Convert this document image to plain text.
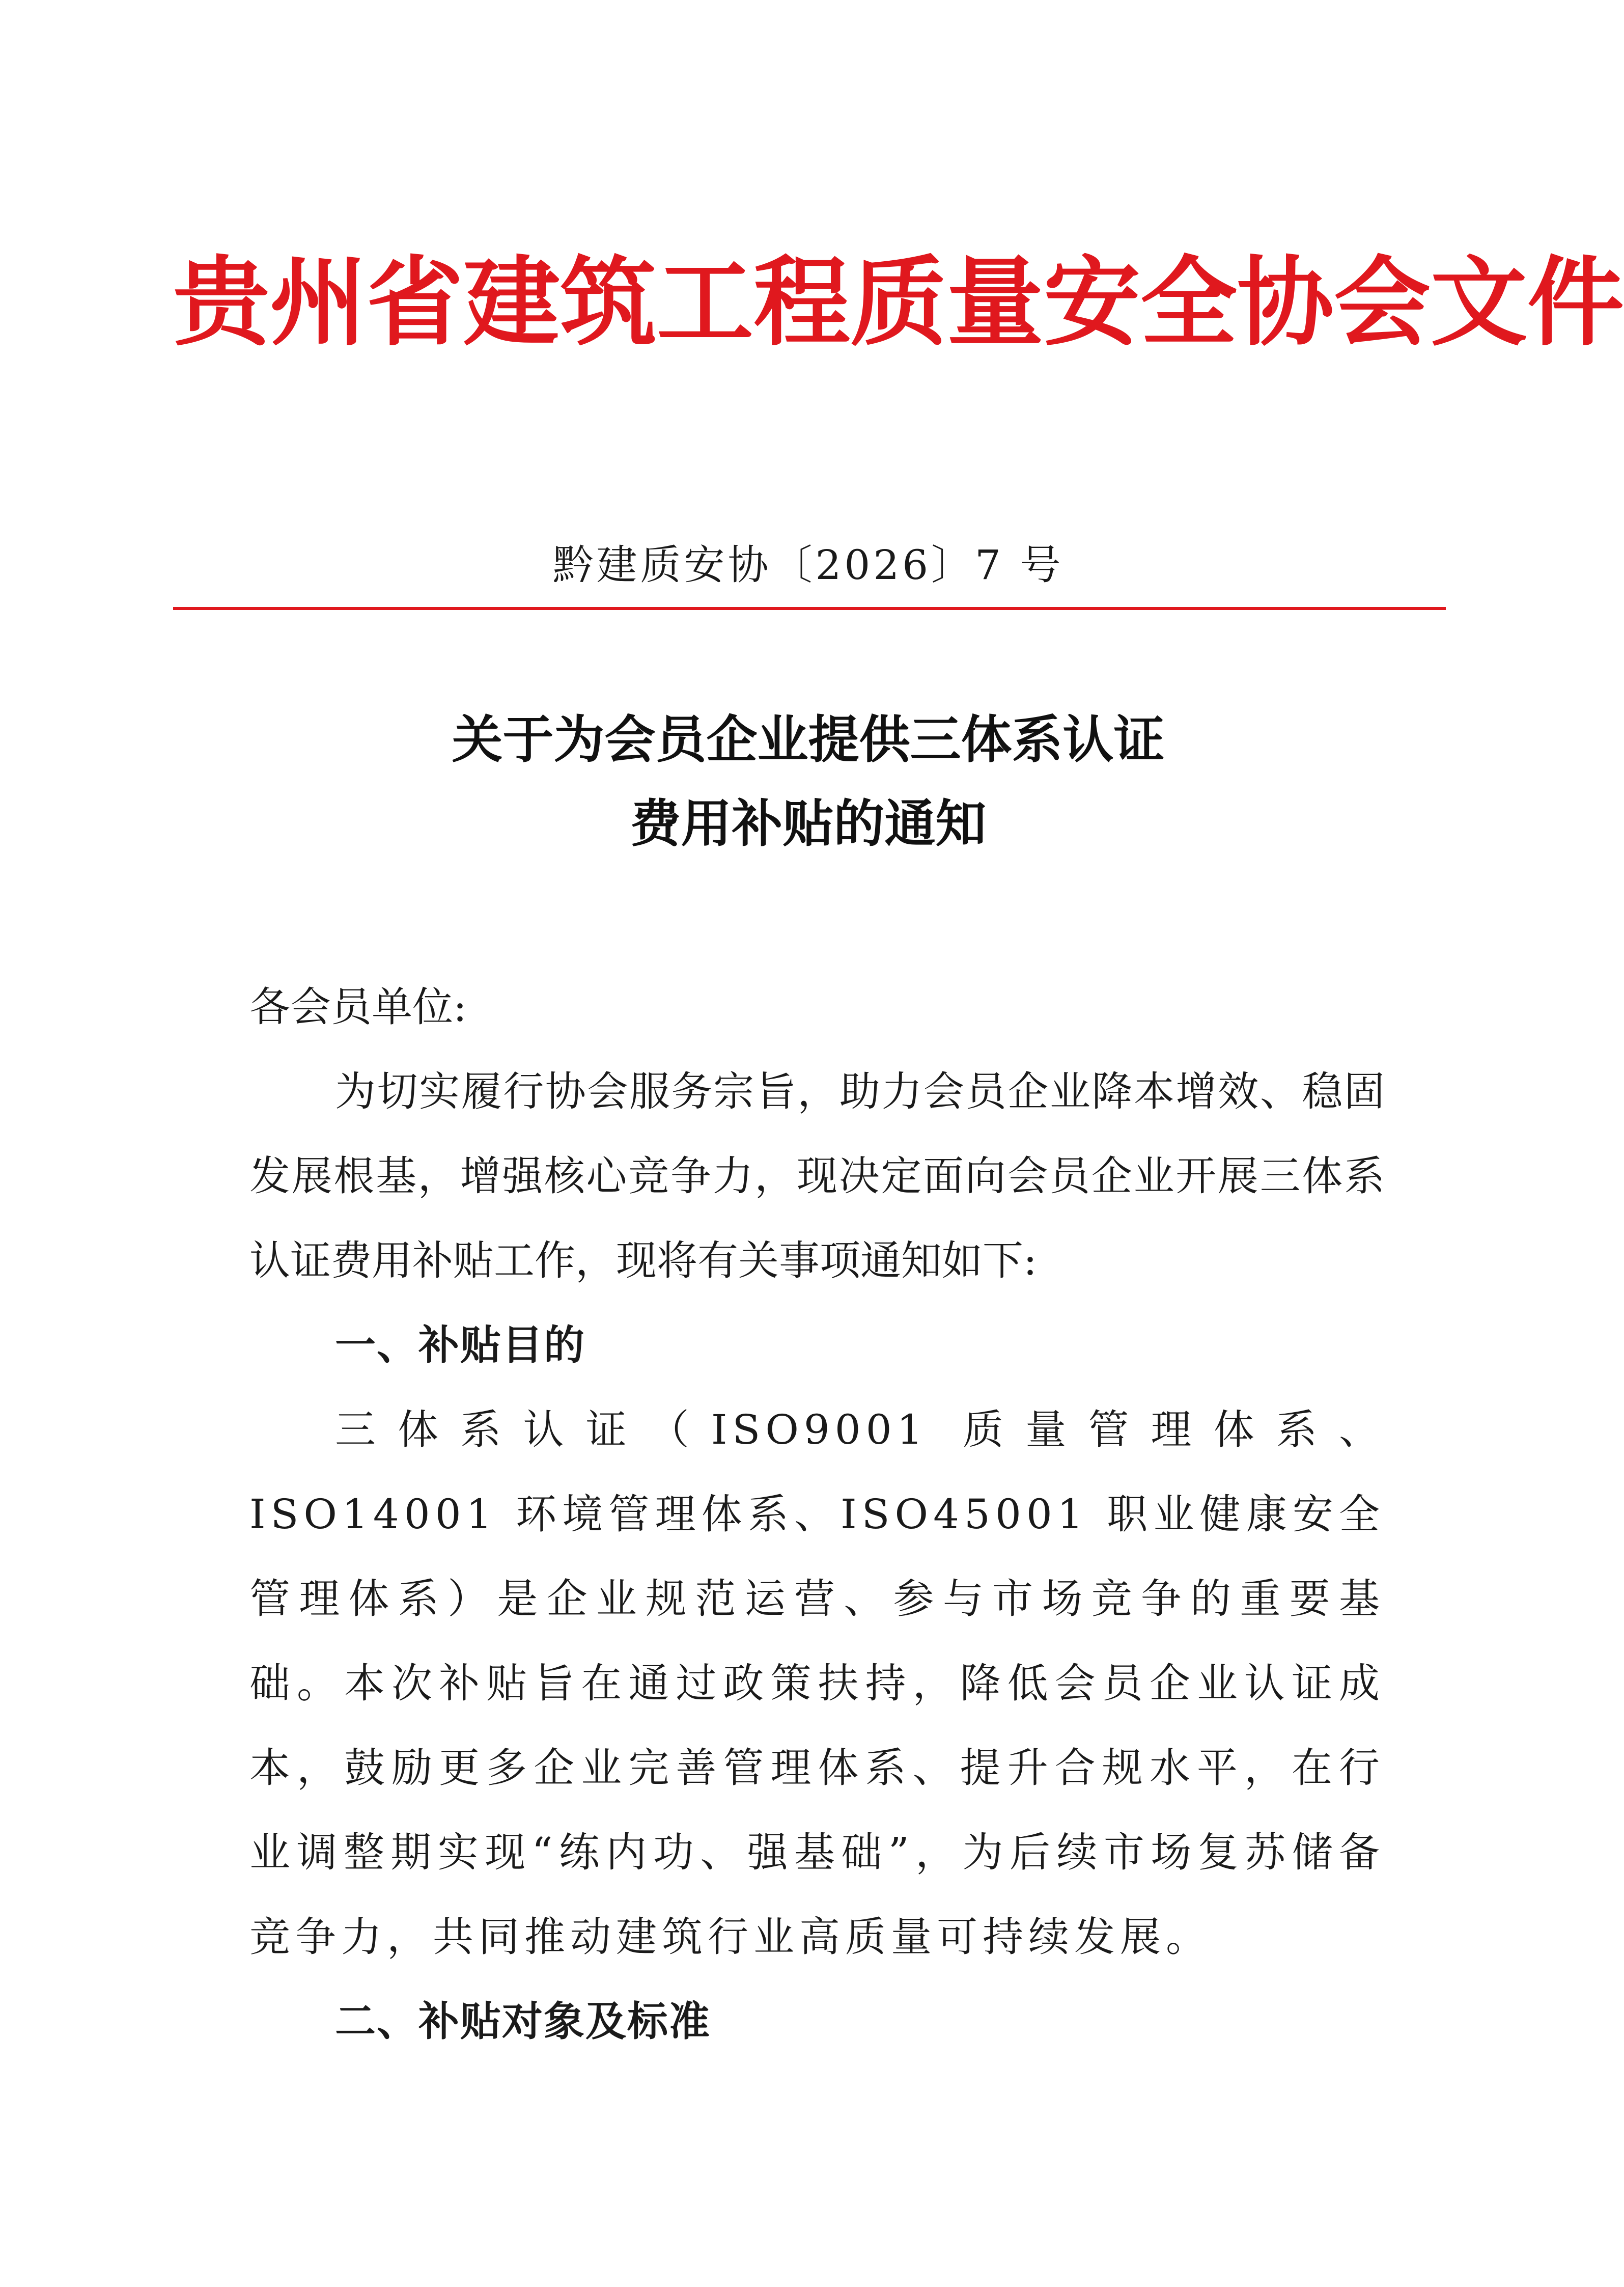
贵州省建筑工程质量安全协会文件
黔建质安协〔2026〕7 号
关于为会员企业提供三体系认证
费用补贴的通知

各会员单位:

为切实履行协会服务宗旨，助力会员企业降本增效、稳固发展根基，增强核心竞争力，现决定面向会员企业开展三体系认证费用补贴工作，现将有关事项通知如下:

一、补贴目的

三体系认证（ISO9001 质量管理体系、ISO14001 环境管理体系、ISO45001 职业健康安全管理体系）是企业规范运营、参与市场竞争的重要基础。本次补贴旨在通过政策扶持，降低会员企业认证成本，鼓励更多企业完善管理体系、提升合规水平，在行业调整期实现“练内功、强基础”，为后续市场复苏储备竞争力，共同推动建筑行业高质量可持续发展。

二、补贴对象及标准
